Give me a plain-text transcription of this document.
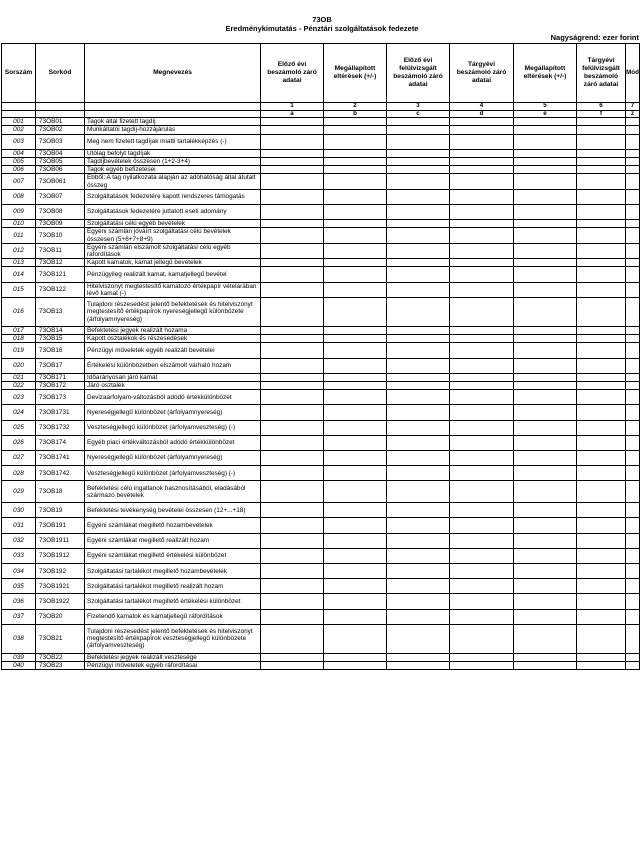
73OB
Eredménykimutatás - Pénztári szolgáltatások fedezete
Nagyságrend: ezer forint
Sorszám	Sorkód	Megnevezés	Előző évi beszámoló záró adatai	Megállapított eltérések (+/-)	Előző évi felülvizsgált beszámoló záró adatai	Tárgyévi beszámoló záró adatai	Megállapított eltérések (+/-)	Tárgyévi felülvizsgált beszámoló záró adatai	Mód
			1	2	3	4	5	6	7
			a	b	c	d	e	f	z
001	73OB01	Tagok által fizetett tagdíj							
002	73OB02	Munkáltatói tagdíj-hozzájárulás							
003	73OB03	Meg nem fizetett tagdíjak miatti tartalékképzés (-)							
004	73OB04	Utólag befolyt tagdíjak							
005	73OB05	Tagdíjbevételek összesen (1+2-3+4)							
006	73OB06	Tagok egyéb befizetései							
007	73OB061	Ebből: A tag nyilatkozata alapján az adóhatóság által átutalt összeg							
008	73OB07	Szolgáltatások fedezetére kapott rendszeres támogatás							
009	73OB08	Szolgáltatások fedezetére juttatott eseti adomány							
010	73OB09	Szolgáltatási célú egyéb bevételek							
011	73OB10	Egyéni számlán jóváírt szolgáltatási célú bevételek összesen (5+6+7+8+9)							
012	73OB11	Egyéni számlán elszámolt szolgáltatási célú egyéb ráfordítások							
013	73OB12	Kapott kamatok, kamat jellegű bevételek							
014	73OB121	Pénzügyileg realizált kamat, kamatjellegű bevétel							
015	73OB122	Hitelviszonyt megtestesítő kamatozó értékpapír vételárában lévő kamat (-)							
016	73OB13	Tulajdoni részesedést jelentő befektetések és hitelviszonyt megtestesítő értékpapírok nyereségjellegű különbözete (árfolyamnyereség)							
017	73OB14	Befektetési jegyek realizált hozama							
018	73OB15	Kapott osztalékok és részesedések							
019	73OB16	Pénzügyi műveletek egyéb realizált bevételei							
020	73OB17	Értékelési különbözetben elszámolt várható hozam							
021	73OB171	Időarányosan járó kamat							
022	73OB172	Járó osztalék							
023	73OB173	Devizaárfolyam-változásból adódó értékkülönbözet							
024	73OB1731	Nyereségjellegű különbözet (árfolyamnyereség)							
025	73OB1732	Veszteségjellegű különbözet (árfolyamveszteség) (-)							
026	73OB174	Egyéb piaci értékváltozásból adódó értékkülönbözet							
027	73OB1741	Nyereségjellegű különbözet (árfolyamnyereség)							
028	73OB1742	Veszteségjellegű különbözet (árfolyamveszteség) (-)							
029	73OB18	Befektetési célú ingatlanok hasznosításából, eladásából származó bevételek							
030	73OB19	Befektetési tevékenység bevételei összesen (12+...+18)							
031	73OB191	Egyéni számlákat megillető hozambevételek							
032	73OB1911	Egyéni számlákat megillető realizált hozam							
033	73OB1912	Egyéni számlákat megillető értékelési különbözet							
034	73OB192	Szolgáltatási tartalékot megillető hozambevételek							
035	73OB1921	Szolgáltatási tartalékot megillető realizált hozam							
036	73OB1922	Szolgáltatási tartalékot megillető értékelési különbözet							
037	73OB20	Fizetendő kamatok és kamatjellegű ráfordítások							
038	73OB21	Tulajdoni részesedést jelentő befektetések és hitelviszonyt megtestesítő értékpapírok veszteségjellegű különbözete (árfolyamveszteség)							
039	73OB22	Befektetési jegyek realizált vesztesége							
040	73OB23	Pénzügyi műveletek egyéb ráfordításai							
